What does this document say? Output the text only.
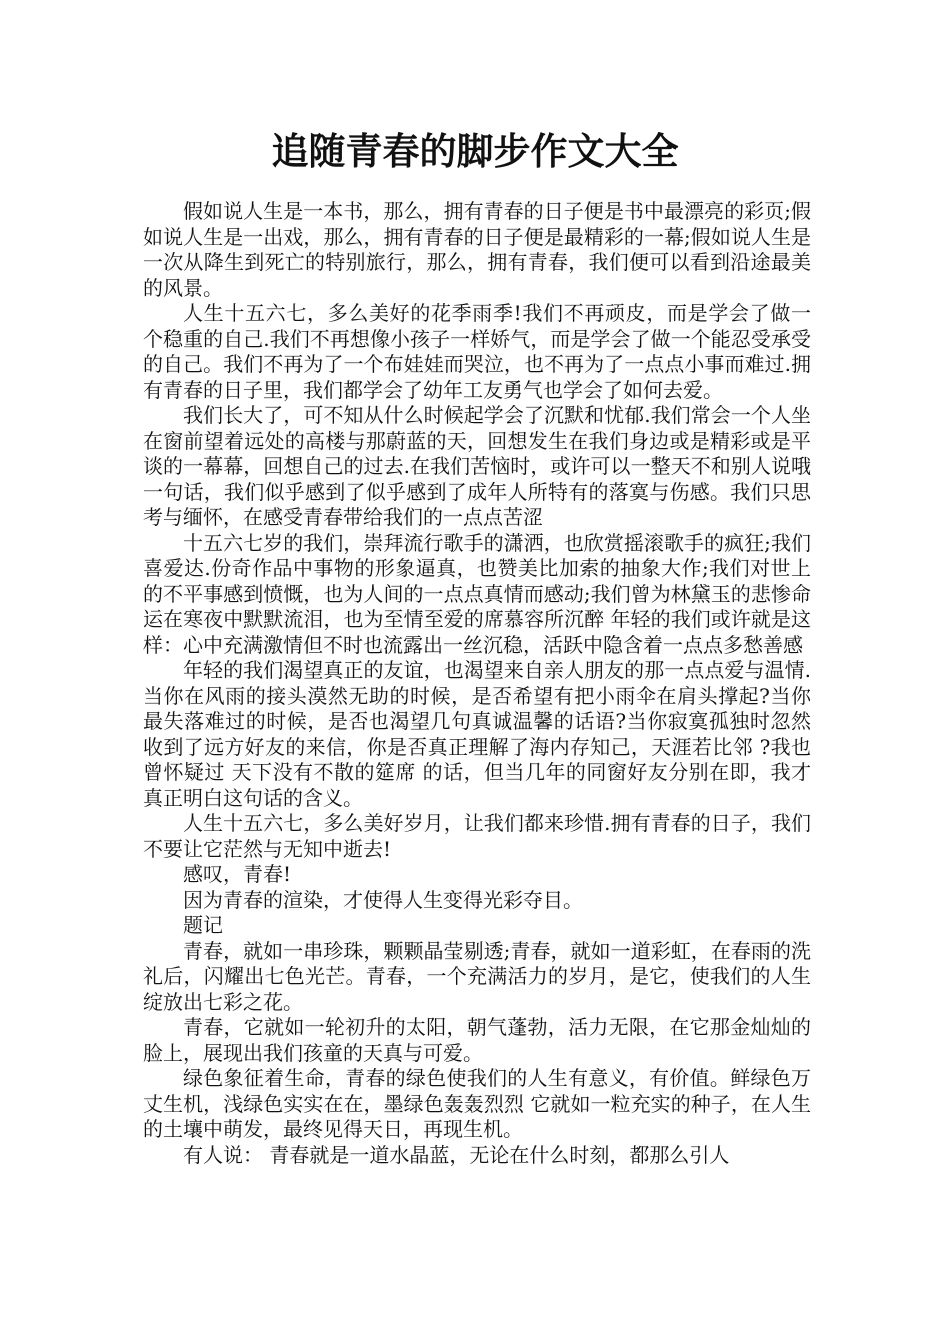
追随青春的脚步作文大全

假如说人生是一本书，那么，拥有青春的日子便是书中最漂亮的彩页;假如说人生是一出戏，那么，拥有青春的日子便是最精彩的一幕;假如说人生是一次从降生到死亡的特别旅行，那么，拥有青春，我们便可以看到沿途最美的风景。

人生十五六七，多么美好的花季雨季!我们不再顽皮，而是学会了做一个稳重的自己.我们不再想像小孩子一样娇气，而是学会了做一个能忍受承受的自己。我们不再为了一个布娃娃而哭泣，也不再为了一点点小事而难过.拥有青春的日子里，我们都学会了幼年工友勇气也学会了如何去爱。

我们长大了，可不知从什么时候起学会了沉默和忧郁.我们常会一个人坐在窗前望着远处的高楼与那蔚蓝的天，回想发生在我们身边或是精彩或是平谈的一幕幕，回想自己的过去.在我们苦恼时，或许可以一整天不和别人说哦一句话，我们似乎感到了似乎感到了成年人所特有的落寞与伤感。我们只思考与缅怀，在感受青春带给我们的一点点苦涩

十五六七岁的我们，崇拜流行歌手的潇洒，也欣赏摇滚歌手的疯狂;我们喜爱达.份奇作品中事物的形象逼真，也赞美比加索的抽象大作;我们对世上的不平事感到愤慨，也为人间的一点点真情而感动;我们曾为林黛玉的悲惨命运在寒夜中默默流泪，也为至情至爱的席慕容所沉醉 年轻的我们或许就是这样：心中充满激情但不时也流露出一丝沉稳，活跃中隐含着一点点多愁善感

年轻的我们渴望真正的友谊，也渴望来自亲人朋友的那一点点爱与温情.当你在风雨的接头漠然无助的时候，是否希望有把小雨伞在肩头撑起?当你最失落难过的时候，是否也渴望几句真诚温馨的话语?当你寂寞孤独时忽然收到了远方好友的来信，你是否真正理解了海内存知己，天涯若比邻 ?我也曾怀疑过 天下没有不散的筵席 的话，但当几年的同窗好友分别在即，我才真正明白这句话的含义。

人生十五六七，多么美好岁月，让我们都来珍惜.拥有青春的日子，我们不要让它茫然与无知中逝去!

感叹，青春!

因为青春的渲染，才使得人生变得光彩夺目。

题记

青春，就如一串珍珠，颗颗晶莹剔透;青春，就如一道彩虹，在春雨的洗礼后，闪耀出七色光芒。青春，一个充满活力的岁月，是它，使我们的人生绽放出七彩之花。

青春，它就如一轮初升的太阳，朝气蓬勃，活力无限，在它那金灿灿的脸上，展现出我们孩童的天真与可爱。

绿色象征着生命，青春的绿色使我们的人生有意义，有价值。鲜绿色万丈生机，浅绿色实实在在，墨绿色轰轰烈烈 它就如一粒充实的种子，在人生的土壤中萌发，最终见得天日，再现生机。

有人说： 青春就是一道水晶蓝，无论在什么时刻，都那么引人
